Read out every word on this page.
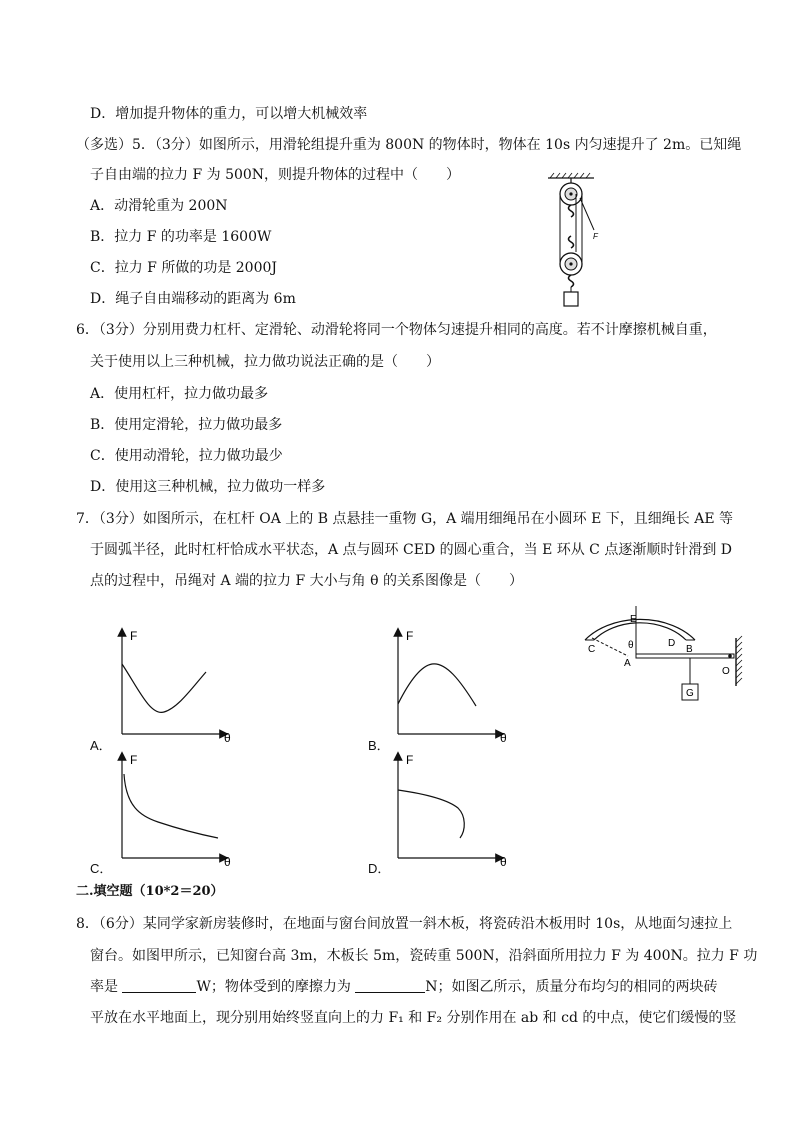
D．增加提升物体的重力，可以增大机械效率
（多选）5．（3分）如图所示，用滑轮组提升重为 800N 的物体时，物体在 10s 内匀速提升了 2m。已知绳
子自由端的拉力 F 为 500N，则提升物体的过程中（　　）
A．动滑轮重为 200N
B．拉力 F 的功率是 1600W
C．拉力 F 所做的功是 2000J
D．绳子自由端移动的距离为 6m
F
6．（3分）分别用费力杠杆、定滑轮、动滑轮将同一个物体匀速提升相同的高度。若不计摩擦机械自重，
关于使用以上三种机械，拉力做功说法正确的是（　　）
A．使用杠杆，拉力做功最多
B．使用定滑轮，拉力做功最多
C．使用动滑轮，拉力做功最少
D．使用这三种机械，拉力做功一样多
7．（3分）如图所示，在杠杆 OA 上的 B 点悬挂一重物 G，A 端用细绳吊在小圆环 E 下，且细绳长 AE 等
于圆弧半径，此时杠杆恰成水平状态，A 点与圆环 CED 的圆心重合，当 E 环从 C 点逐渐顺时针滑到 D
点的过程中，吊绳对 A 端的拉力 F 大小与角 θ 的关系图像是（　　）
A．
F
θ	B．
F
θ
C．
F
θ	D．
F
θ
G
E
C
A
θ	D
B
O
二.填空题（10*2＝20）
8．（6分）某同学家新房装修时，在地面与窗台间放置一斜木板，将瓷砖沿木板用时 10s，从地面匀速拉上
窗台。如图甲所示，已知窗台高 3m，木板长 5m，瓷砖重 500N，沿斜面所用拉力 F 为 400N。拉力 F 功
率是	W；物体受到的摩擦力为	N；如图乙所示，质量分布均匀的相同的两块砖
平放在水平地面上，现分别用始终竖直向上的力 F₁ 和 F₂ 分别作用在 ab 和 cd 的中点，使它们缓慢的竖
